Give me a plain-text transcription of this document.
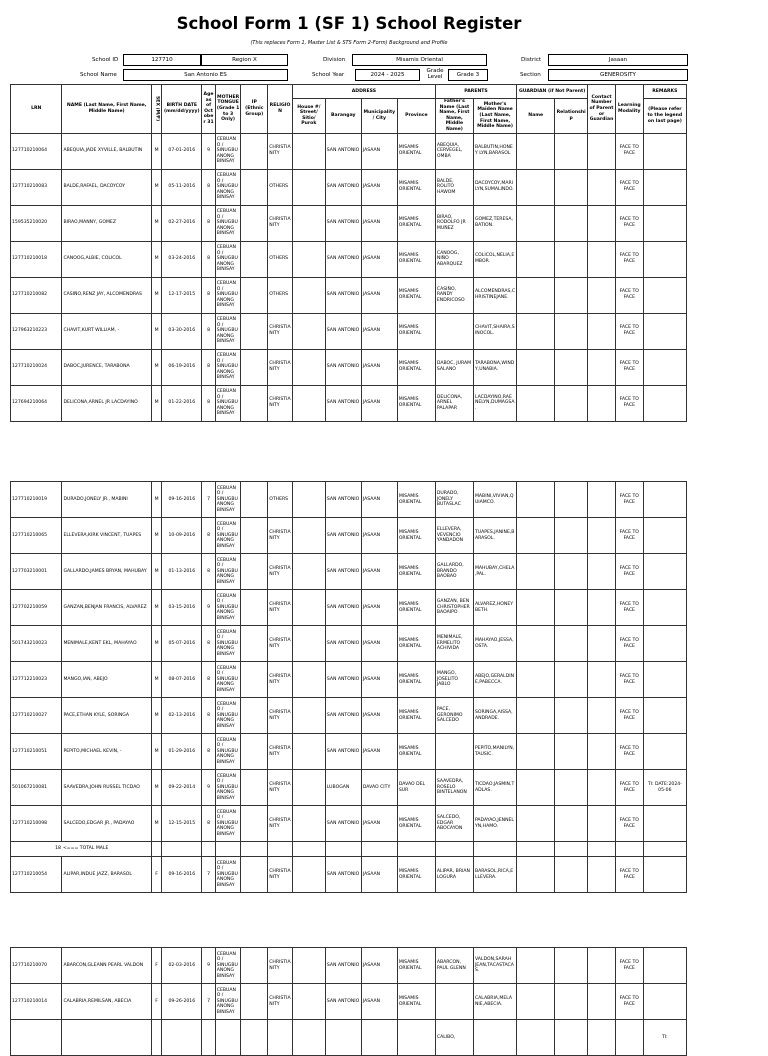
School Form 1 (SF 1) School Register
(This replaces Form 1, Master List & STS Form 2-Form) Background and Profile
School ID	127710	Region X	Division	Misamis Oriental	District	Jasaan
School Name	San Antonio ES	School Year	2024 - 2025
Grade Level	Grade 3	Section	GENEROSITY
LRN	NAME (Last Name, First Name, Middle Name)	SEX (M/F)	BIRTH DATE (mm/dd/yyyy)	Age as of October 31	MOTHER TONGUE (Grade 1 to 3 Only)	IP (Ethnic Group)	RELIGION	ADDRESS				PARENTS		GUARDIAN (if Not Parent)		Contact Number of Parent or Guardian	Learning Modality	REMARKS
								House #/ Street/ Sitio/ Purok	Barangay	Municipality / City	Province	Father's Name (Last Name, First Name, Middle Name)	Mother's Maiden Name (Last Name, First Name, Middle Name)	Name	Relationship			(Please refer to the legend on last page)
127710210064	ABEQUIA,JADE XYVILLE, BALBUTIN	M	07-01-2016	9	CEBUANO / SINUGBUANONG BINISAY		CHRISTIANITY		SAN ANTONIO	JASAAN	MISAMIS ORIENTAL	ABEQUIA, CERVEGEL, OMBA	BALBUTIN,HONEY LYN,BARASOL				FACE TO FACE	
127710210083	BALDE,RAFAEL, DACOYCOY	M	05-11-2016	8	CEBUANO / SINUGBUANONG BINISAY		OTHERS		SAN ANTONIO	JASAAN	MISAMIS ORIENTAL	BALDE, ROLITO HAWOM	DACOYCOY,MARILYN,SUMALINDO.				FACE TO FACE	
159535210020	BIRAO,MANNY, GOMEZ	M	02-27-2016	8	CEBUANO / SINUGBUANONG BINISAY		CHRISTIANITY		SAN ANTONIO	JASAAN	MISAMIS ORIENTAL	BIRAO, RODOLFO JR MUÑEZ	GOMEZ,TERESA,BATION.				FACE TO FACE	
127710210018	CANOOG,ALBIE, COLICOL	M	03-24-2016	8	CEBUANO / SINUGBUANONG BINISAY		OTHERS		SAN ANTONIO	JASAAN	MISAMIS ORIENTAL	CANOOG, NIÑO ABARQUEZ	COLICOL,NELIA,EMBOR.				FACE TO FACE	
127710210082	CASIÑO,RENZ JAY, ALCOMENDRAS	M	12-17-2015	8	CEBUANO / SINUGBUANONG BINISAY		OTHERS		SAN ANTONIO	JASAAN	MISAMIS ORIENTAL	CASIÑO, RANDY ENDRICOSO	ALCOMENDRAS,CHRISTINEJANE.				FACE TO FACE	
127963210223	CHAVIT,KURT WILLIAM, -	M	03-30-2016	8	CEBUANO / SINUGBUANONG BINISAY		CHRISTIANITY		SAN ANTONIO	JASAAN	MISAMIS ORIENTAL		CHAVIT,SHAIRA,SINOCOL.				FACE TO FACE	
127710210024	DABOC,JURENCE, TARABONA	M	06-19-2016	8	CEBUANO / SINUGBUANONG BINISAY		CHRISTIANITY		SAN ANTONIO	JASAAN	MISAMIS ORIENTAL	DABOC, JURAM SALANO	TARABONA,WINDY,UNABIA.				FACE TO FACE	
127694210064	DELICONA,ARNEL JR LACDAYINO	M	01-22-2016	8	CEBUANO / SINUGBUANONG BINISAY		CHRISTIANITY		SAN ANTONIO	JASAAN	MISAMIS ORIENTAL	DELICONA, ARNEL PALAPAR	LACDAYINO,RAENELYN,DUMAGSA.				FACE TO FACE	
127710210019	DURADO,JONELY JR., MABINI	M	09-16-2016	7	CEBUANO / SINUGBUANONG BINISAY		OTHERS		SAN ANTONIO	JASAAN	MISAMIS ORIENTAL	DURADO, JONELY BUTASLAC	MABINI,VIVIAN,QUIAMCO.				FACE TO FACE	
127710210065	ELLEVERA,KIRK VINCENT, TUAPES	M	10-09-2016	8	CEBUANO / SINUGBUANONG BINISAY		CHRISTIANITY		SAN ANTONIO	JASAAN	MISAMIS ORIENTAL	ELLEVERA, VEVENCIO YANDADON	TUAPES,JANINE,BARASOL.				FACE TO FACE	
127703210001	GALLARDO,JAMES BRYAN, MAHUBAY	M	01-13-2016	8	CEBUANO / SINUGBUANONG BINISAY		CHRISTIANITY		SAN ANTONIO	JASAAN	MISAMIS ORIENTAL	GALLARDO, BRANDO BAOBAO	MAHUBAY,CHELA,PAL.				FACE TO FACE	
127702210059	GANZAN,BENJAN FRANCIS, ALVAREZ	M	03-15-2016	9	CEBUANO / SINUGBUANONG BINISAY		CHRISTIANITY		SAN ANTONIO	JASAAN	MISAMIS ORIENTAL	GANZAN, BEN CHRISTOPHER BAOAIPO	ALVAREZ,HONEY BETH.				FACE TO FACE	
501743210023	MENIMALE,KENT EKL, MAHAYAO	M	05-07-2016	8	CEBUANO / SINUGBUANONG BINISAY		CHRISTIANITY		SAN ANTONIO	JASAAN	MISAMIS ORIENTAL	MENIMALE, ERMELITO ACHIVIDA	MAHAYAO,JESSA,OSTA.				FACE TO FACE	
127712210023	MANGO,IAN, ABEJO	M	08-07-2016	8	CEBUANO / SINUGBUANONG BINISAY		CHRISTIANITY		SAN ANTONIO	JASAAN	MISAMIS ORIENTAL	MANGO, JOSELITO JABLO	ABEJO,GERALDINE,PABECCA.				FACE TO FACE	
127710210027	PACE,ETHAN KYLE, SORINGA	M	02-13-2016	8	CEBUANO / SINUGBUANONG BINISAY		CHRISTIANITY		SAN ANTONIO	JASAAN	MISAMIS ORIENTAL	PACE, GERONIMO SALCEDO	SORINGA,AISSA,ANDRADE.				FACE TO FACE	
127710210051	PEPITO,MICHAEL KEVIN, -	M	01-29-2016	8	CEBUANO / SINUGBUANONG BINISAY		CHRISTIANITY		SAN ANTONIO	JASAAN	MISAMIS ORIENTAL		PEPITO,MANILYN,TAUSIC.				FACE TO FACE	
501067210081	SAAVEDRA,JOHN RUSSEL TICDAO	M	09-22-2014	9	CEBUANO / SINUGBUANONG BINISAY		CHRISTIANITY		LUBOGAN	DAVAO CITY	DAVAO DEL SUR	SAAVEDRA, ROSELO BINTELANON	TICDAO,JASMIN,TADLAS.				FACE TO FACE	TI: DATE:2024-05-06
127710210098	SALCEDO,EDGAR JR., PADAYAO	M	12-15-2015	8	CEBUANO / SINUGBUANONG BINISAY		CHRISTIANITY		SAN ANTONIO	JASAAN	MISAMIS ORIENTAL	SALCEDO, EDGAR ABOCAYON	PADAYAO,JENNELYN,HAMO.				FACE TO FACE	
18	<=== TOTAL MALE																	
127710210054	ALIPAR,INDUE JAZZ, BARASOL	F	09-16-2016	7	CEBUANO / SINUGBUANONG BINISAY		CHRISTIANITY		SAN ANTONIO	JASAAN	MISAMIS ORIENTAL	ALIPAR, BRIAN LOGURA	BARASOL,RICA,ELLEVERA.				FACE TO FACE	
127710210070	ABARCON,GLEANN PEARL VALDON	F	02-03-2016	9	CEBUANO / SINUGBUANONG BINISAY		CHRISTIANITY		SAN ANTONIO	JASAAN	MISAMIS ORIENTAL	ABARCON, PAUL GLENN	VALDON,SARAH JEAN,TACASTACAS.				FACE TO FACE	
127710210014	CALABRIA,REMILSAN, ABECIA	F	09-26-2016	7	CEBUANO / SINUGBUANONG BINISAY		CHRISTIANITY		SAN ANTONIO	JASAAN	MISAMIS ORIENTAL		CALABRIA,MELANIE,ABECIA.				FACE TO FACE	
												CALIBO,						TI:
